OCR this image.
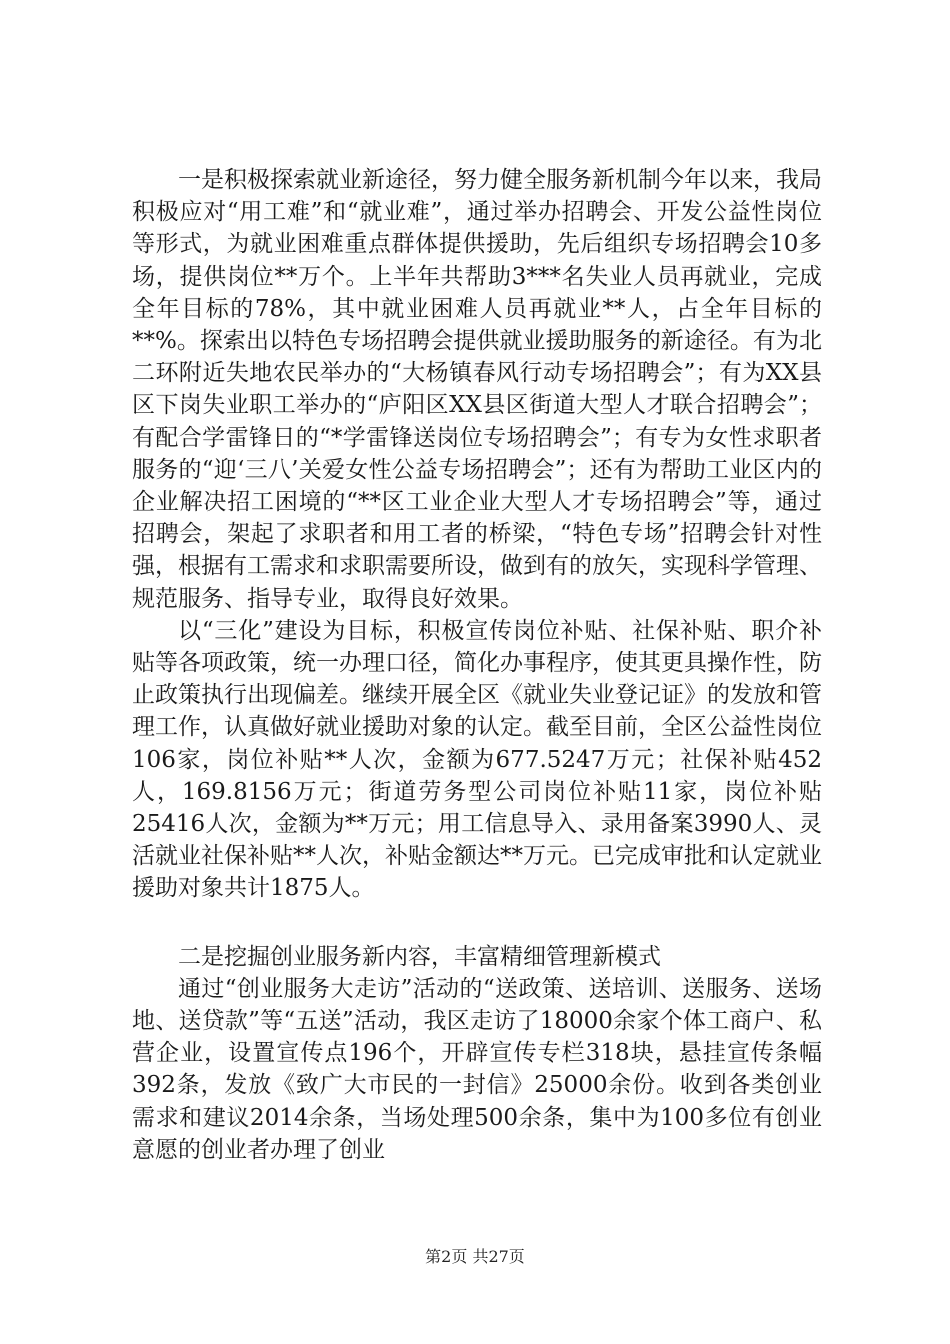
一是积极探索就业新途径，努力健全服务新机制今年以来，我局积极应对“用工难”和“就业难”，通过举办招聘会、开发公益性岗位等形式，为就业困难重点群体提供援助，先后组织专场招聘会10多场，提供岗位**万个。上半年共帮助3***名失业人员再就业，完成全年目标的78%，其中就业困难人员再就业**人，占全年目标的**%。探索出以特色专场招聘会提供就业援助服务的新途径。有为北二环附近失地农民举办的“大杨镇春风行动专场招聘会”；有为XX县区下岗失业职工举办的“庐阳区XX县区街道大型人才联合招聘会”；有配合学雷锋日的“*学雷锋送岗位专场招聘会”；有专为女性求职者服务的“迎‘三八’关爱女性公益专场招聘会”；还有为帮助工业区内的企业解决招工困境的“**区工业企业大型人才专场招聘会”等，通过招聘会，架起了求职者和用工者的桥梁，“特色专场”招聘会针对性强，根据有工需求和求职需要所设，做到有的放矢，实现科学管理、规范服务、指导专业，取得良好效果。

以“三化”建设为目标，积极宣传岗位补贴、社保补贴、职介补贴等各项政策，统一办理口径，简化办事程序，使其更具操作性，防止政策执行出现偏差。继续开展全区《就业失业登记证》的发放和管理工作，认真做好就业援助对象的认定。截至目前，全区公益性岗位106家，岗位补贴**人次，金额为677.5247万元；社保补贴452人，169.8156万元；街道劳务型公司岗位补贴11家，岗位补贴25416人次，金额为**万元；用工信息导入、录用备案3990人、灵活就业社保补贴**人次，补贴金额达**万元。已完成审批和认定就业援助对象共计1875人。

二是挖掘创业服务新内容，丰富精细管理新模式

通过“创业服务大走访”活动的“送政策、送培训、送服务、送场地、送贷款”等“五送”活动，我区走访了18000余家个体工商户、私营企业，设置宣传点196个，开辟宣传专栏318块，悬挂宣传条幅392条，发放《致广大市民的一封信》25000余份。收到各类创业需求和建议2014余条，当场处理500余条，集中为100多位有创业意愿的创业者办理了创业

第2页 共27页
